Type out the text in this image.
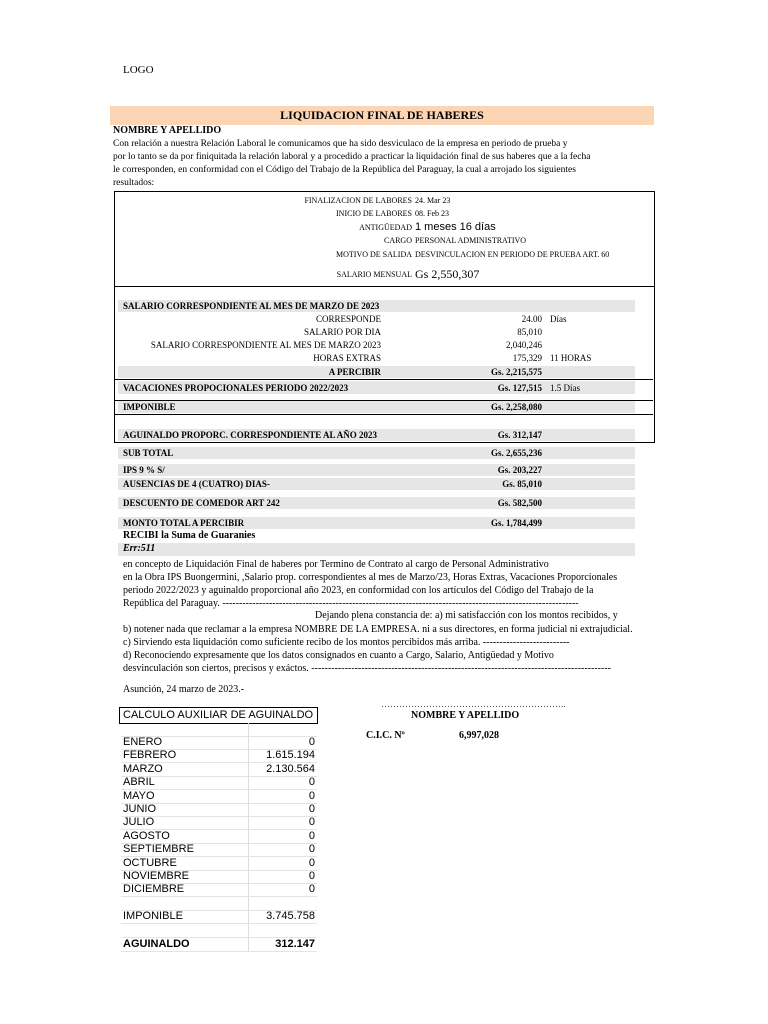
LOGO
LIQUIDACION FINAL DE HABERES
NOMBRE Y APELLIDO
Con relación a nuestra Relación Laboral le comunicamos que ha sido desviculaco de la empresa en periodo de prueba y
por lo tanto se da por finiquitada la relación laboral y a procedido a practicar la liquidación final de sus haberes que a la fecha
le corresponden, en conformidad con el Código del Trabajo de la República del Paraguay, la cual a arrojado los siguientes
resultados:
FINALIZACION DE LABORES 24. Mar 23
INICIO DE LABORES 08. Feb 23
ANTIGÜEDAD 1 meses 16 días
CARGO PERSONAL ADMINISTRATIVO
MOTIVO DE SALIDA DESVINCULACION EN PERIODO DE PRUEBA ART. 60
SALARIO MENSUAL Gs 2,550,307
SALARIO CORRESPONDIENTE AL MES DE MARZO DE 2023
CORRESPONDE	24.00 Días
SALARIO POR DIA	85,010
SALARIO CORRESPONDIENTE AL MES DE MARZO 2023	2,040,246
HORAS EXTRAS	175,329 11 HORAS
A PERCIBIR	Gs. 2,215,575
VACACIONES PROPOCIONALES PERIODO 2022/2023	Gs. 127,515 1.5 Días
IMPONIBLE	Gs. 2,258,080
AGUINALDO PROPORC. CORRESPONDIENTE AL AÑO 2023	Gs. 312,147
SUB TOTAL	Gs. 2,655,236
IPS 9 % S/	Gs. 203,227
AUSENCIAS DE 4 (CUATRO) DIAS-	Gs. 85,010
DESCUENTO DE COMEDOR ART 242	Gs. 582,500
MONTO TOTAL A PERCIBIR	Gs. 1,784,499
RECIBI la Suma de Guaranies
Err:511
en concepto de Liquidación Final de haberes por Termino de Contrato al cargo de Personal Administrativo
en la Obra IPS Buongermini, ,Salario prop. correspondientes al mes de Marzo/23, Horas Extras, Vacaciones Proporcionales
periodo 2022/2023 y aguinaldo proporcional año 2023, en conformidad con los artículos del Código del Trabajo de la
República del Paraguay. -----------------------------------------------------------------------------------------------------------
Dejando plena constancia de: a) mi satisfacción con los montos recibidos, y
b) notener nada que reclamar a la empresa NOMBRE DE LA EMPRESA. ni a sus directores, en forma judicial ni extrajudicial.
c) Sirviendo esta liquidación como suficiente recibo de los montos percibidos más arriba. --------------------------
d) Reconociendo expresamente que los datos consignados en cuanto a Cargo, Salario, Antigüedad y Motivo
desvinculación son ciertos, precisos y exáctos. ------------------------------------------------------------------------------------------
Asunción, 24 marzo de 2023.-
……………………………………………………..
NOMBRE Y APELLIDO
C.I.C. Nº	6,997,028
CALCULO AUXILIAR DE AGUINALDO
ENERO	0
FEBRERO	1.615.194
MARZO	2.130.564
ABRIL	0
MAYO	0
JUNIO	0
JULIO	0
AGOSTO	0
SEPTIEMBRE	0
OCTUBRE	0
NOVIEMBRE	0
DICIEMBRE	0
IMPONIBLE	3.745.758
AGUINALDO	312.147
